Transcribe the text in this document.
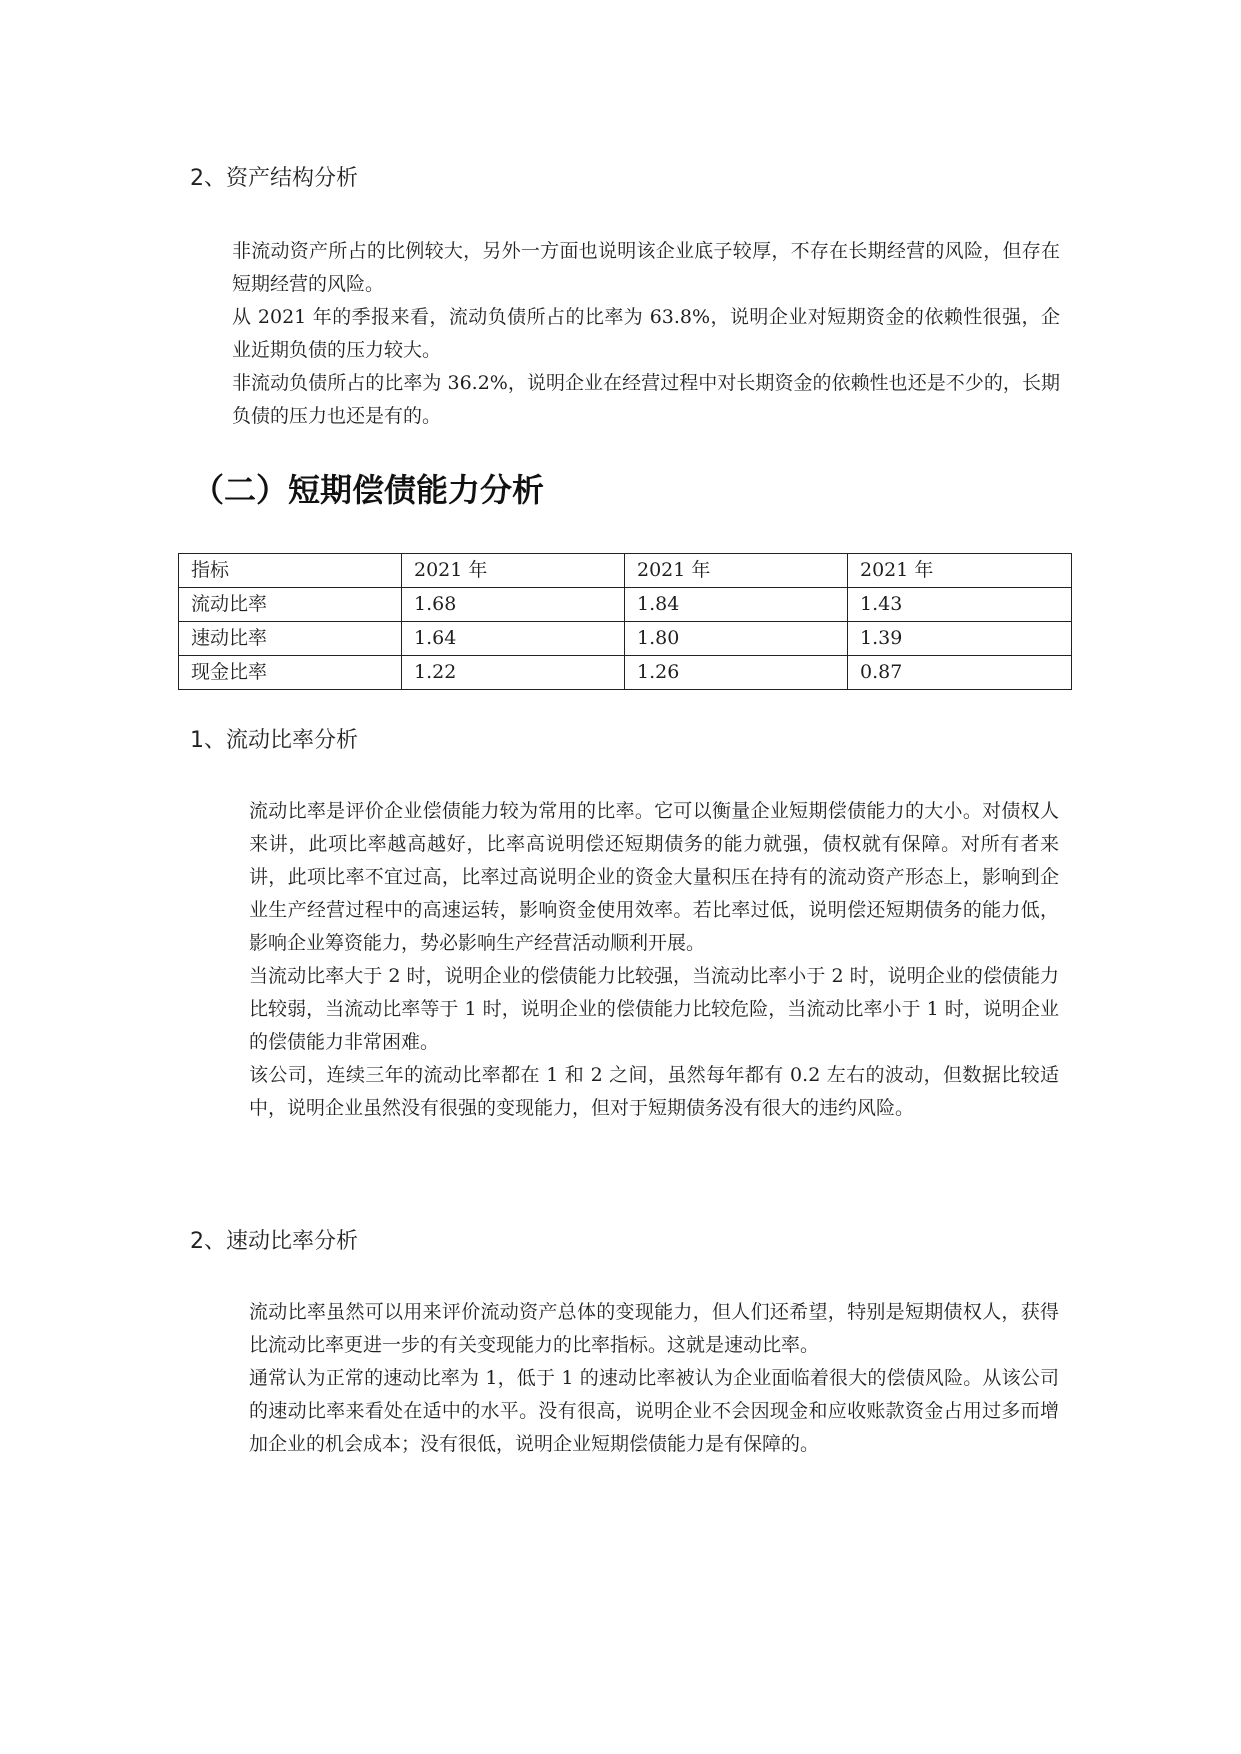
2、资产结构分析

非流动资产所占的比例较大，另外一方面也说明该企业底子较厚，不存在长期经营的风险，但存在短期经营的风险。

从 2021 年的季报来看，流动负债所占的比率为 63.8%，说明企业对短期资金的依赖性很强，企业近期负债的压力较大。

非流动负债所占的比率为 36.2%，说明企业在经营过程中对长期资金的依赖性也还是不少的，长期负债的压力也还是有的。

（二）短期偿债能力分析
指标	2021 年	2021 年	2021 年
流动比率	1.68	1.84	1.43
速动比率	1.64	1.80	1.39
现金比率	1.22	1.26	0.87
1、流动比率分析

流动比率是评价企业偿债能力较为常用的比率。它可以衡量企业短期偿债能力的大小。对债权人来讲，此项比率越高越好，比率高说明偿还短期债务的能力就强，债权就有保障。对所有者来讲，此项比率不宜过高，比率过高说明企业的资金大量积压在持有的流动资产形态上，影响到企业生产经营过程中的高速运转，影响资金使用效率。若比率过低，说明偿还短期债务的能力低，影响企业筹资能力，势必影响生产经营活动顺利开展。

当流动比率大于 2 时，说明企业的偿债能力比较强，当流动比率小于 2 时，说明企业的偿债能力比较弱，当流动比率等于 1 时，说明企业的偿债能力比较危险，当流动比率小于 1 时，说明企业的偿债能力非常困难。

该公司，连续三年的流动比率都在 1 和 2 之间，虽然每年都有 0.2 左右的波动，但数据比较适中，说明企业虽然没有很强的变现能力，但对于短期债务没有很大的违约风险。

2、速动比率分析

流动比率虽然可以用来评价流动资产总体的变现能力，但人们还希望，特别是短期债权人，获得比流动比率更进一步的有关变现能力的比率指标。这就是速动比率。

通常认为正常的速动比率为 1，低于 1 的速动比率被认为企业面临着很大的偿债风险。从该公司的速动比率来看处在适中的水平。没有很高，说明企业不会因现金和应收账款资金占用过多而增加企业的机会成本；没有很低，说明企业短期偿债能力是有保障的。
